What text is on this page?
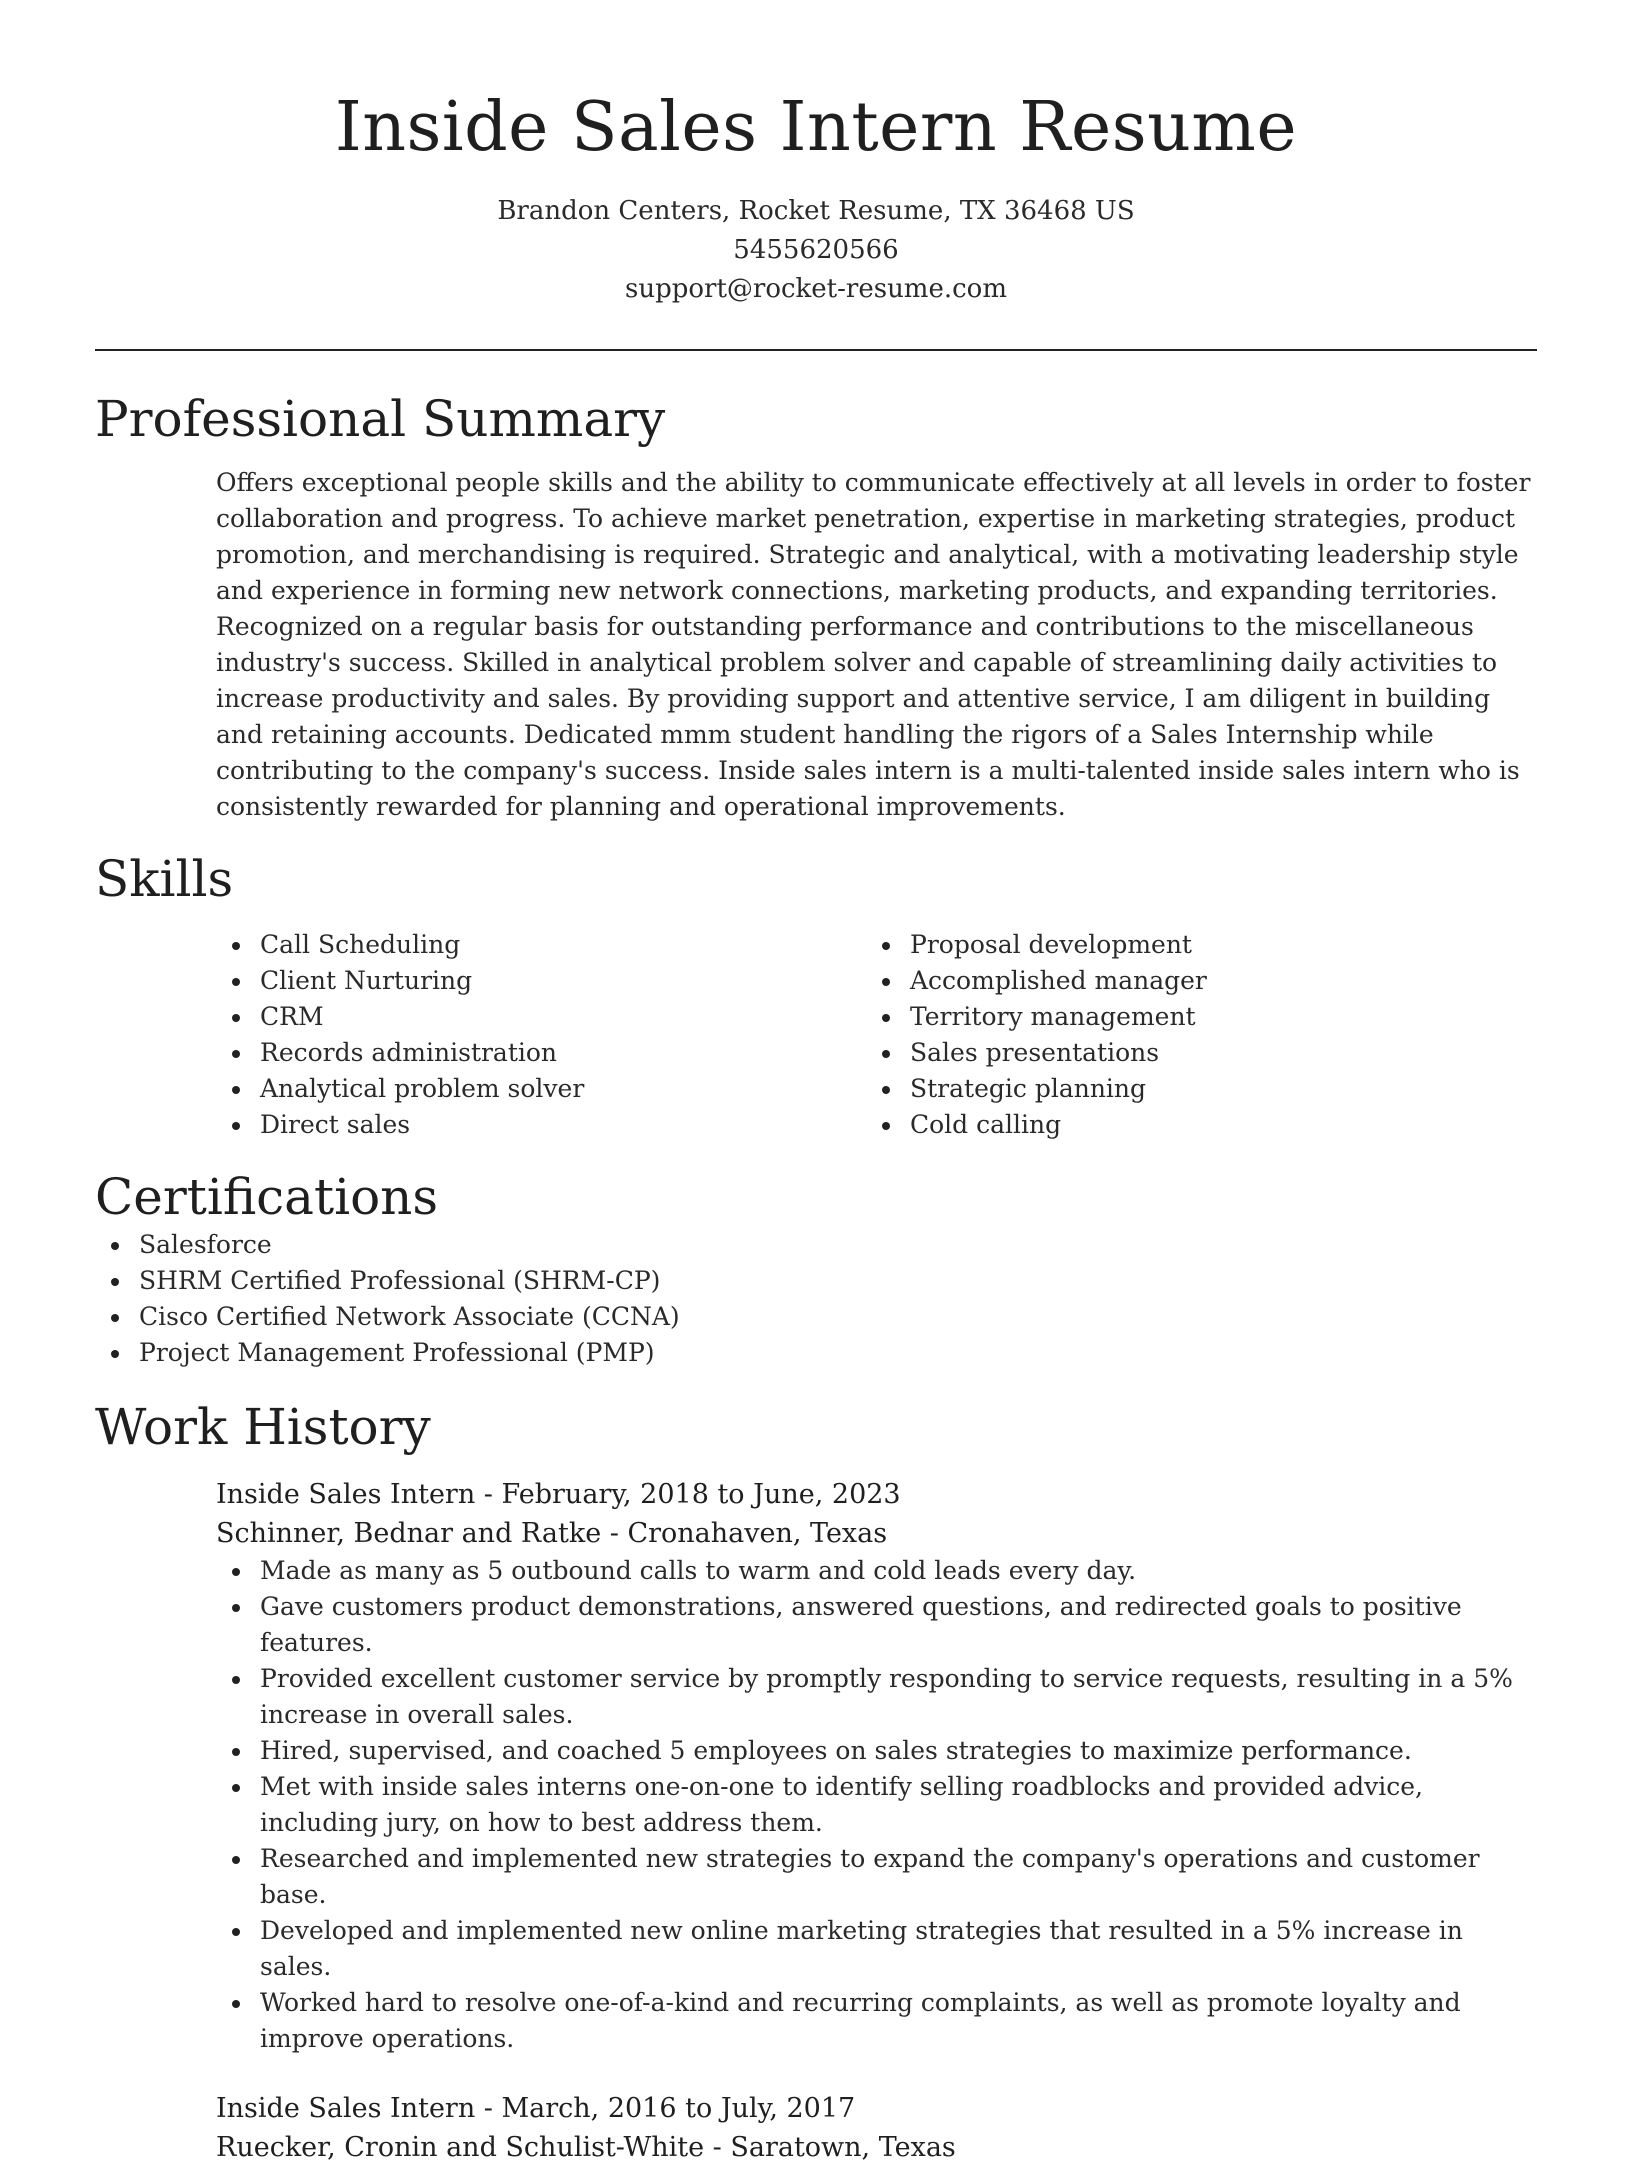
Inside Sales Intern Resume
Brandon Centers, Rocket Resume, TX 36468 US
5455620566
support@rocket-resume.com
Professional Summary

Offers exceptional people skills and the ability to communicate effectively at all levels in order to foster collaboration and progress. To achieve market penetration, expertise in marketing strategies, product promotion, and merchandising is required. Strategic and analytical, with a motivating leadership style and experience in forming new network connections, marketing products, and expanding territories. Recognized on a regular basis for outstanding performance and contributions to the miscellaneous industry's success. Skilled in analytical problem solver and capable of streamlining daily activities to increase productivity and sales. By providing support and attentive service, I am diligent in building and retaining accounts. Dedicated mmm student handling the rigors of a Sales Internship while contributing to the company's success. Inside sales intern is a multi-talented inside sales intern who is consistently rewarded for planning and operational improvements.

Skills
Call Scheduling
Client Nurturing
CRM
Records administration
Analytical problem solver
Direct sales
Proposal development
Accomplished manager
Territory management
Sales presentations
Strategic planning
Cold calling
Certifications
Salesforce
SHRM Certified Professional (SHRM-CP)
Cisco Certified Network Associate (CCNA)
Project Management Professional (PMP)
Work History
Inside Sales Intern - February, 2018 to June, 2023
Schinner, Bednar and Ratke - Cronahaven, Texas
Made as many as 5 outbound calls to warm and cold leads every day.
Gave customers product demonstrations, answered questions, and redirected goals to positive features.
Provided excellent customer service by promptly responding to service requests, resulting in a 5% increase in overall sales.
Hired, supervised, and coached 5 employees on sales strategies to maximize performance.
Met with inside sales interns one-on-one to identify selling roadblocks and provided advice, including jury, on how to best address them.
Researched and implemented new strategies to expand the company's operations and customer base.
Developed and implemented new online marketing strategies that resulted in a 5% increase in sales.
Worked hard to resolve one-of-a-kind and recurring complaints, as well as promote loyalty and improve operations.
Inside Sales Intern - March, 2016 to July, 2017
Ruecker, Cronin and Schulist-White - Saratown, Texas
